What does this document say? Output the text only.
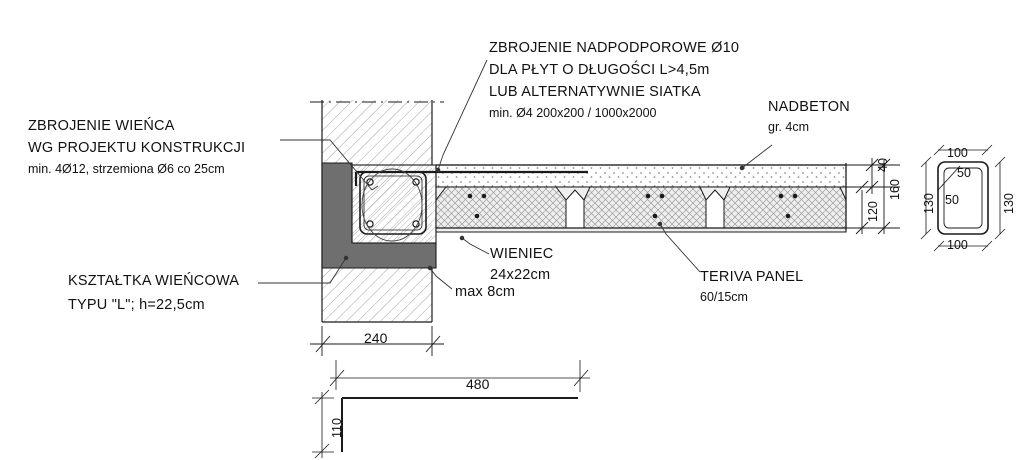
ZBROJENIE NADPODPOROWE Ø10
DLA PŁYT O DŁUGOŚCI L>4,5m
LUB ALTERNATYWNIE SIATKA
min. Ø4 200x200 / 1000x2000
ZBROJENIE WIEŃCA
WG PROJEKTU KONSTRUKCJI
min. 4Ø12, strzemiona Ø6 co 25cm
KSZTAŁTKA WIEŃCOWA
TYPU "L"; h=22,5cm
NADBETON
gr. 4cm
WIENIEC
24x22cm
max 8cm
TERIVA PANEL
60/15cm
240
480
110
40
160
120
100
100
130	130
50
50
